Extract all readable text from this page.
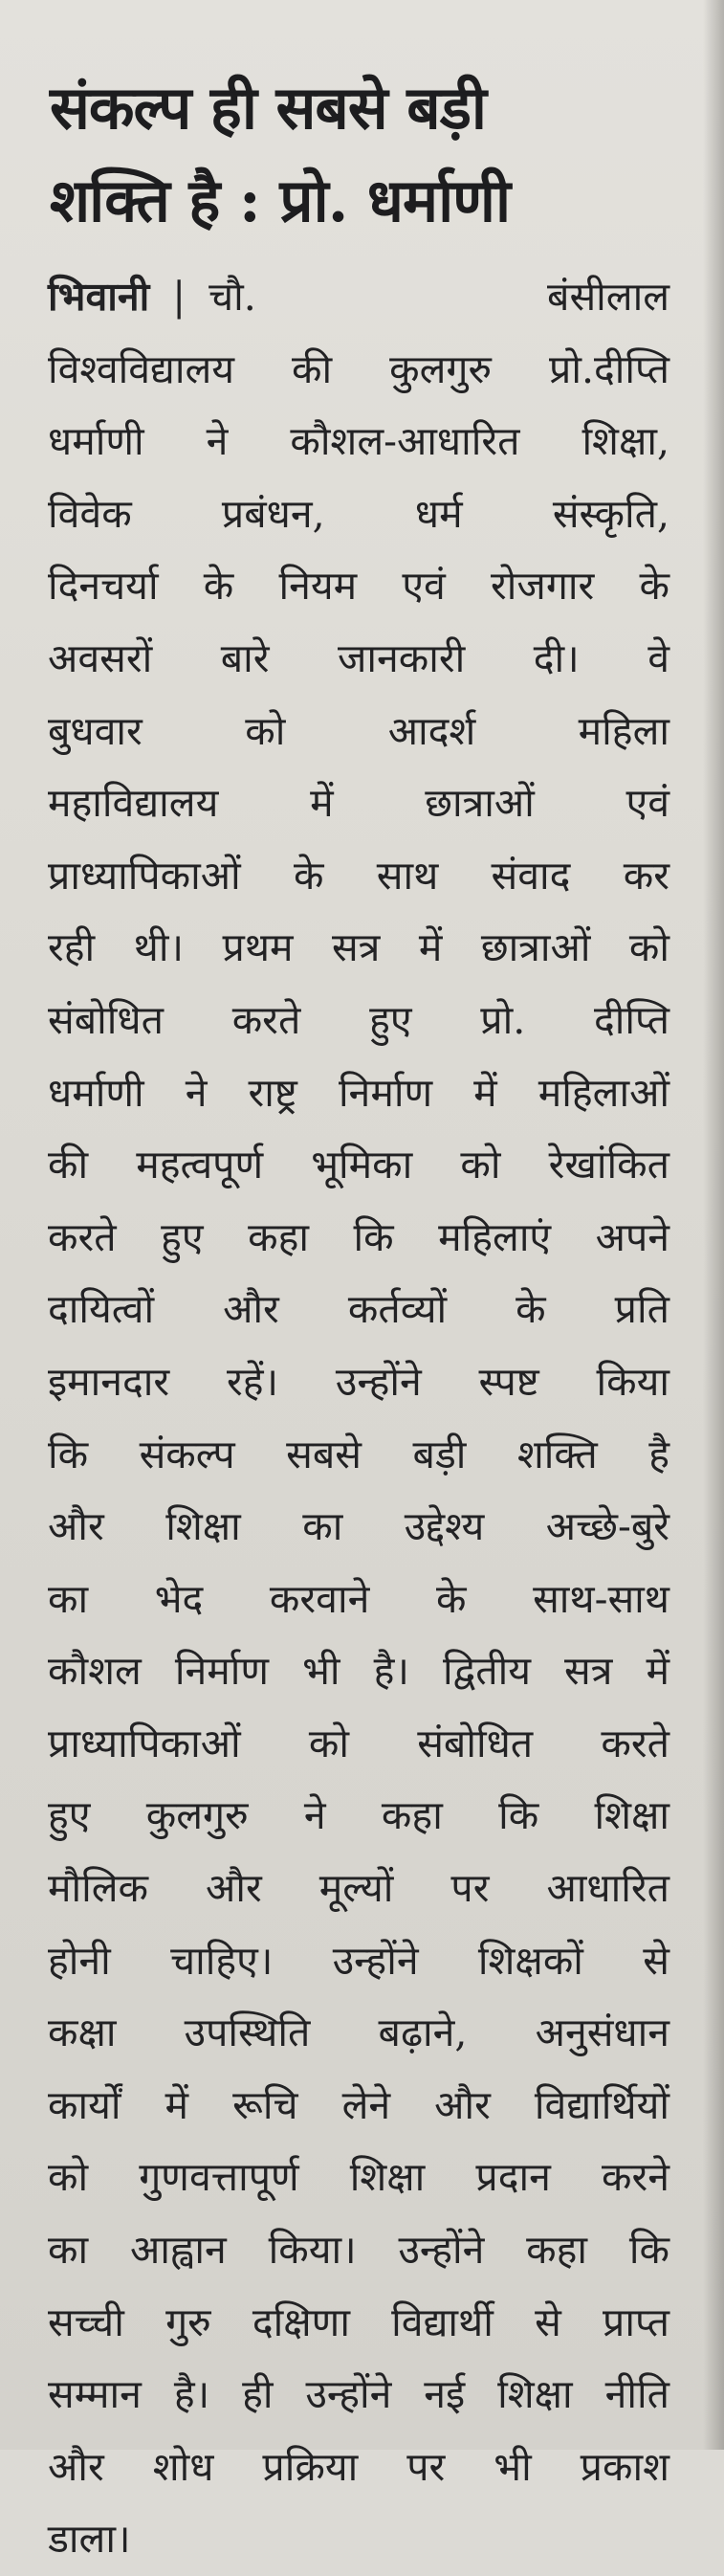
संकल्प ही सबसे बड़ी
शक्ति है : प्रो. धर्माणी
भिवानी | चौ. बंसीलाल
विश्वविद्यालय की कुलगुरु प्रो.दीप्ति
धर्माणी ने कौशल-आधारित शिक्षा,
विवेक प्रबंधन, धर्म संस्कृति,
दिनचर्या के नियम एवं रोजगार के
अवसरों बारे जानकारी दी। वे
बुधवार को आदर्श महिला
महाविद्यालय में छात्राओं एवं
प्राध्यापिकाओं के साथ संवाद कर
रही थी। प्रथम सत्र में छात्राओं को
संबोधित करते हुए प्रो. दीप्ति
धर्माणी ने राष्ट्र निर्माण में महिलाओं
की महत्वपूर्ण भूमिका को रेखांकित
करते हुए कहा कि महिलाएं अपने
दायित्वों और कर्तव्यों के प्रति
इमानदार रहें। उन्होंने स्पष्ट किया
कि संकल्प सबसे बड़ी शक्ति है
और शिक्षा का उद्देश्य अच्छे-बुरे
का भेद करवाने के साथ-साथ
कौशल निर्माण भी है। द्वितीय सत्र में
प्राध्यापिकाओं को संबोधित करते
हुए कुलगुरु ने कहा कि शिक्षा
मौलिक और मूल्यों पर आधारित
होनी चाहिए। उन्होंने शिक्षकों से
कक्षा उपस्थिति बढ़ाने, अनुसंधान
कार्यों में रूचि लेने और विद्यार्थियों
को गुणवत्तापूर्ण शिक्षा प्रदान करने
का आह्वान किया। उन्होंने कहा कि
सच्ची गुरु दक्षिणा विद्यार्थी से प्राप्त
सम्मान है। ही उन्होंने नई शिक्षा नीति
और शोध प्रक्रिया पर भी प्रकाश
डाला।
